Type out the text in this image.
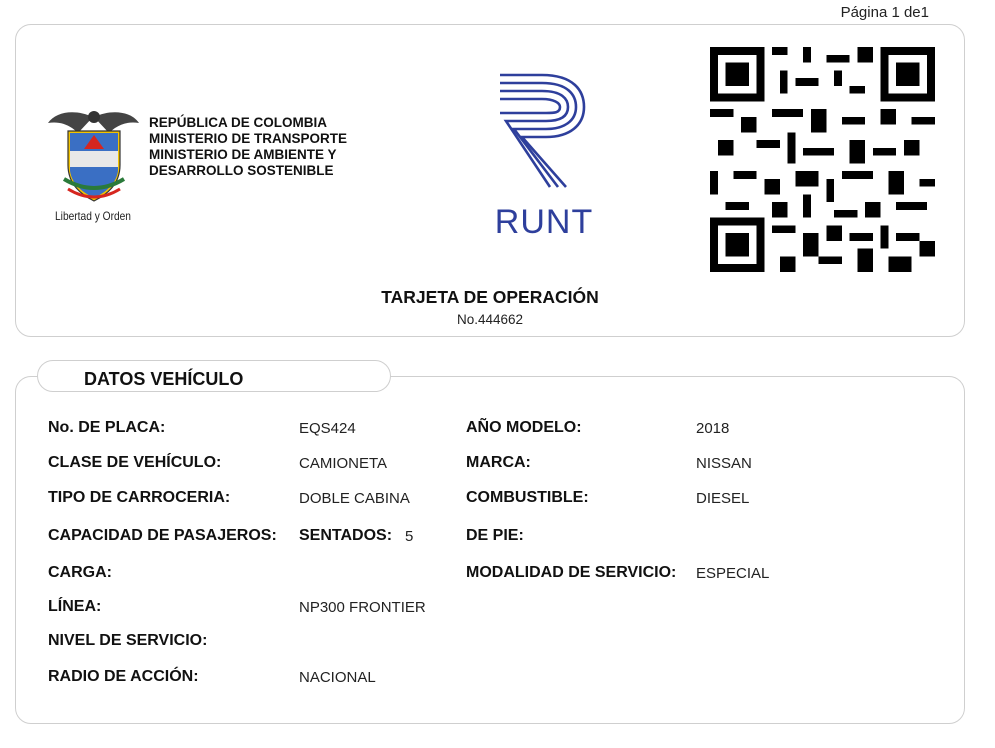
Página 1 de1
Libertad y Orden
REPÚBLICA DE COLOMBIA
MINISTERIO DE TRANSPORTE
MINISTERIO DE AMBIENTE Y
DESARROLLO SOSTENIBLE
RUNT
TARJETA DE OPERACIÓN
No.444662
DATOS VEHÍCULO
No. DE PLACA:	EQS424	AÑO MODELO:	2018
CLASE DE VEHÍCULO:	CAMIONETA	MARCA:	NISSAN
TIPO DE CARROCERIA:	DOBLE CABINA	COMBUSTIBLE:	DIESEL
CAPACIDAD DE PASAJEROS: SENTADOS: 5	DE PIE:
CARGA:	MODALIDAD DE SERVICIO: ESPECIAL
LÍNEA:	NP300 FRONTIER
NIVEL DE SERVICIO:
RADIO DE ACCIÓN:	NACIONAL
